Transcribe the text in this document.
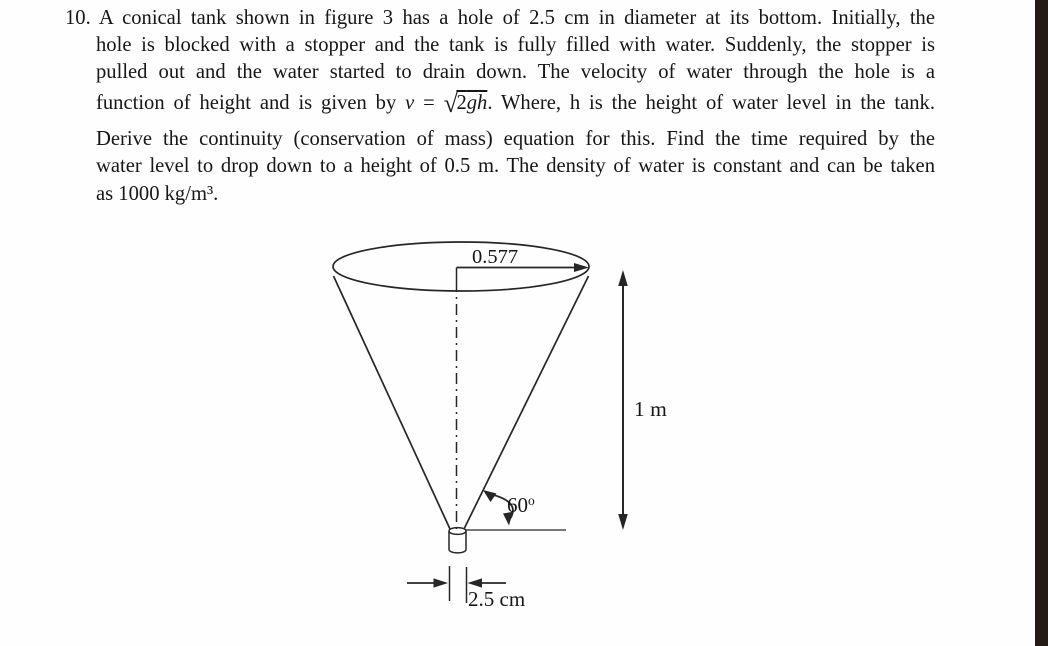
10. A conical tank shown in figure 3 has a hole of 2.5 cm in diameter at its bottom. Initially, the
hole is blocked with a stopper and the tank is fully filled with water. Suddenly, the stopper is
pulled out and the water started to drain down. The velocity of water through the hole is a
function of height and is given by v = √2gh. Where, h is the height of water level in the tank.
Derive the continuity (conservation of mass) equation for this. Find the time required by the
water level to drop down to a height of 0.5 m. The density of water is constant and can be taken
as 1000 kg/m³.
0.577
1 m
60$^o$
2.5 cm
